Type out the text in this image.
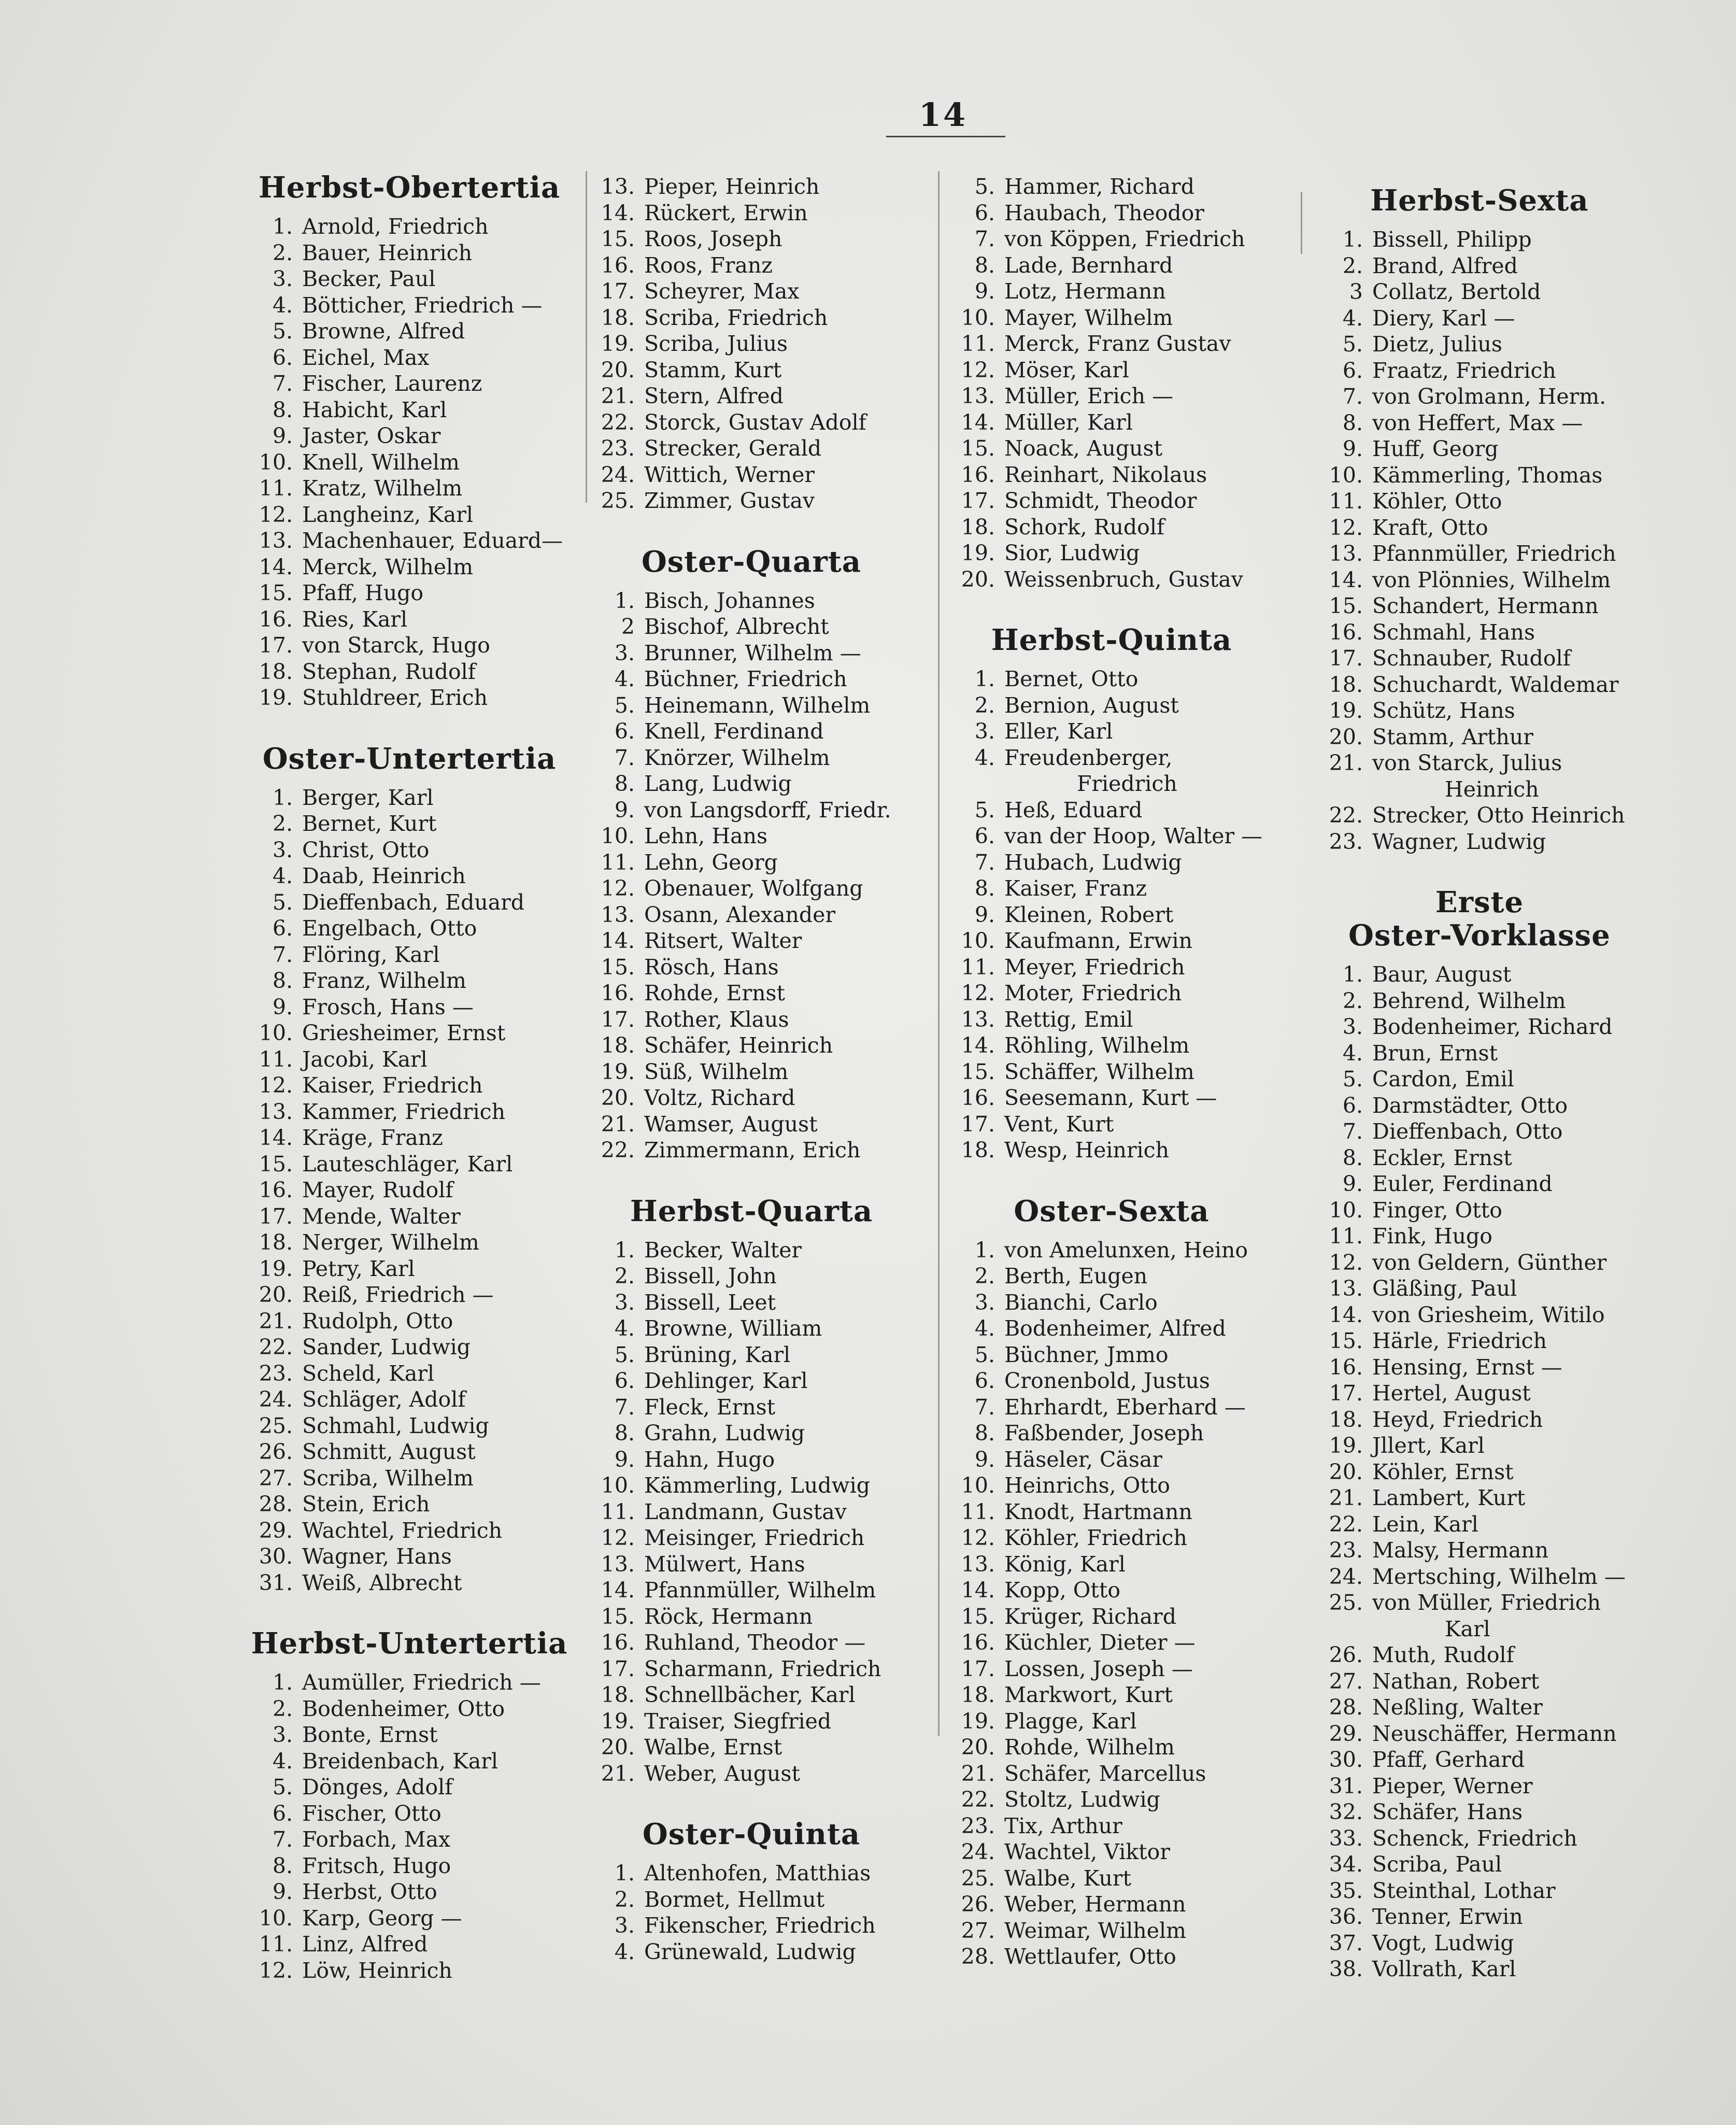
14
Herbst-Obertertia
1. Arnold, Friedrich
2. Bauer, Heinrich
3. Becker, Paul
4. Bötticher, Friedrich —
5. Browne, Alfred
6. Eichel, Max
7. Fischer, Laurenz
8. Habicht, Karl
9. Jaster, Oskar
10. Knell, Wilhelm
11. Kratz, Wilhelm
12. Langheinz, Karl
13. Machenhauer, Eduard—
14. Merck, Wilhelm
15. Pfaff, Hugo
16. Ries, Karl
17. von Starck, Hugo
18. Stephan, Rudolf
19. Stuhldreer, Erich
Oster-Untertertia
1. Berger, Karl
2. Bernet, Kurt
3. Christ, Otto
4. Daab, Heinrich
5. Dieffenbach, Eduard
6. Engelbach, Otto
7. Flöring, Karl
8. Franz, Wilhelm
9. Frosch, Hans —
10. Griesheimer, Ernst
11. Jacobi, Karl
12. Kaiser, Friedrich
13. Kammer, Friedrich
14. Kräge, Franz
15. Lauteschläger, Karl
16. Mayer, Rudolf
17. Mende, Walter
18. Nerger, Wilhelm
19. Petry, Karl
20. Reiß, Friedrich —
21. Rudolph, Otto
22. Sander, Ludwig
23. Scheld, Karl
24. Schläger, Adolf
25. Schmahl, Ludwig
26. Schmitt, August
27. Scriba, Wilhelm
28. Stein, Erich
29. Wachtel, Friedrich
30. Wagner, Hans
31. Weiß, Albrecht
Herbst-Untertertia
1. Aumüller, Friedrich —
2. Bodenheimer, Otto
3. Bonte, Ernst
4. Breidenbach, Karl
5. Dönges, Adolf
6. Fischer, Otto
7. Forbach, Max
8. Fritsch, Hugo
9. Herbst, Otto
10. Karp, Georg —
11. Linz, Alfred
12. Löw, Heinrich
13. Pieper, Heinrich
14. Rückert, Erwin
15. Roos, Joseph
16. Roos, Franz
17. Scheyrer, Max
18. Scriba, Friedrich
19. Scriba, Julius
20. Stamm, Kurt
21. Stern, Alfred
22. Storck, Gustav Adolf
23. Strecker, Gerald
24. Wittich, Werner
25. Zimmer, Gustav
Oster-Quarta
1. Bisch, Johannes
2 Bischof, Albrecht
3. Brunner, Wilhelm —
4. Büchner, Friedrich
5. Heinemann, Wilhelm
6. Knell, Ferdinand
7. Knörzer, Wilhelm
8. Lang, Ludwig
9. von Langsdorff, Friedr.
10. Lehn, Hans
11. Lehn, Georg
12. Obenauer, Wolfgang
13. Osann, Alexander
14. Ritsert, Walter
15. Rösch, Hans
16. Rohde, Ernst
17. Rother, Klaus
18. Schäfer, Heinrich
19. Süß, Wilhelm
20. Voltz, Richard
21. Wamser, August
22. Zimmermann, Erich
Herbst-Quarta
1. Becker, Walter
2. Bissell, John
3. Bissell, Leet
4. Browne, William
5. Brüning, Karl
6. Dehlinger, Karl
7. Fleck, Ernst
8. Grahn, Ludwig
9. Hahn, Hugo
10. Kämmerling, Ludwig
11. Landmann, Gustav
12. Meisinger, Friedrich
13. Mülwert, Hans
14. Pfannmüller, Wilhelm
15. Röck, Hermann
16. Ruhland, Theodor —
17. Scharmann, Friedrich
18. Schnellbächer, Karl
19. Traiser, Siegfried
20. Walbe, Ernst
21. Weber, August
Oster-Quinta
1. Altenhofen, Matthias
2. Bormet, Hellmut
3. Fikenscher, Friedrich
4. Grünewald, Ludwig
5. Hammer, Richard
6. Haubach, Theodor
7. von Köppen, Friedrich
8. Lade, Bernhard
9. Lotz, Hermann
10. Mayer, Wilhelm
11. Merck, Franz Gustav
12. Möser, Karl
13. Müller, Erich —
14. Müller, Karl
15. Noack, August
16. Reinhart, Nikolaus
17. Schmidt, Theodor
18. Schork, Rudolf
19. Sior, Ludwig
20. Weissenbruch, Gustav
Herbst-Quinta
1. Bernet, Otto
2. Bernion, August
3. Eller, Karl
4. Freudenberger,
Friedrich
5. Heß, Eduard
6. van der Hoop, Walter —
7. Hubach, Ludwig
8. Kaiser, Franz
9. Kleinen, Robert
10. Kaufmann, Erwin
11. Meyer, Friedrich
12. Moter, Friedrich
13. Rettig, Emil
14. Röhling, Wilhelm
15. Schäffer, Wilhelm
16. Seesemann, Kurt —
17. Vent, Kurt
18. Wesp, Heinrich
Oster-Sexta
1. von Amelunxen, Heino
2. Berth, Eugen
3. Bianchi, Carlo
4. Bodenheimer, Alfred
5. Büchner, Jmmo
6. Cronenbold, Justus
7. Ehrhardt, Eberhard —
8. Faßbender, Joseph
9. Häseler, Cäsar
10. Heinrichs, Otto
11. Knodt, Hartmann
12. Köhler, Friedrich
13. König, Karl
14. Kopp, Otto
15. Krüger, Richard
16. Küchler, Dieter —
17. Lossen, Joseph —
18. Markwort, Kurt
19. Plagge, Karl
20. Rohde, Wilhelm
21. Schäfer, Marcellus
22. Stoltz, Ludwig
23. Tix, Arthur
24. Wachtel, Viktor
25. Walbe, Kurt
26. Weber, Hermann
27. Weimar, Wilhelm
28. Wettlaufer, Otto
Herbst-Sexta
1. Bissell, Philipp
2. Brand, Alfred
3 Collatz, Bertold
4. Diery, Karl —
5. Dietz, Julius
6. Fraatz, Friedrich
7. von Grolmann, Herm.
8. von Heffert, Max —
9. Huff, Georg
10. Kämmerling, Thomas
11. Köhler, Otto
12. Kraft, Otto
13. Pfannmüller, Friedrich
14. von Plönnies, Wilhelm
15. Schandert, Hermann
16. Schmahl, Hans
17. Schnauber, Rudolf
18. Schuchardt, Waldemar
19. Schütz, Hans
20. Stamm, Arthur
21. von Starck, Julius
Heinrich
22. Strecker, Otto Heinrich
23. Wagner, Ludwig
Erste
Oster-Vorklasse
1. Baur, August
2. Behrend, Wilhelm
3. Bodenheimer, Richard
4. Brun, Ernst
5. Cardon, Emil
6. Darmstädter, Otto
7. Dieffenbach, Otto
8. Eckler, Ernst
9. Euler, Ferdinand
10. Finger, Otto
11. Fink, Hugo
12. von Geldern, Günther
13. Gläßing, Paul
14. von Griesheim, Witilo
15. Härle, Friedrich
16. Hensing, Ernst —
17. Hertel, August
18. Heyd, Friedrich
19. Jllert, Karl
20. Köhler, Ernst
21. Lambert, Kurt
22. Lein, Karl
23. Malsy, Hermann
24. Mertsching, Wilhelm —
25. von Müller, Friedrich
Karl
26. Muth, Rudolf
27. Nathan, Robert
28. Neßling, Walter
29. Neuschäffer, Hermann
30. Pfaff, Gerhard
31. Pieper, Werner
32. Schäfer, Hans
33. Schenck, Friedrich
34. Scriba, Paul
35. Steinthal, Lothar
36. Tenner, Erwin
37. Vogt, Ludwig
38. Vollrath, Karl
